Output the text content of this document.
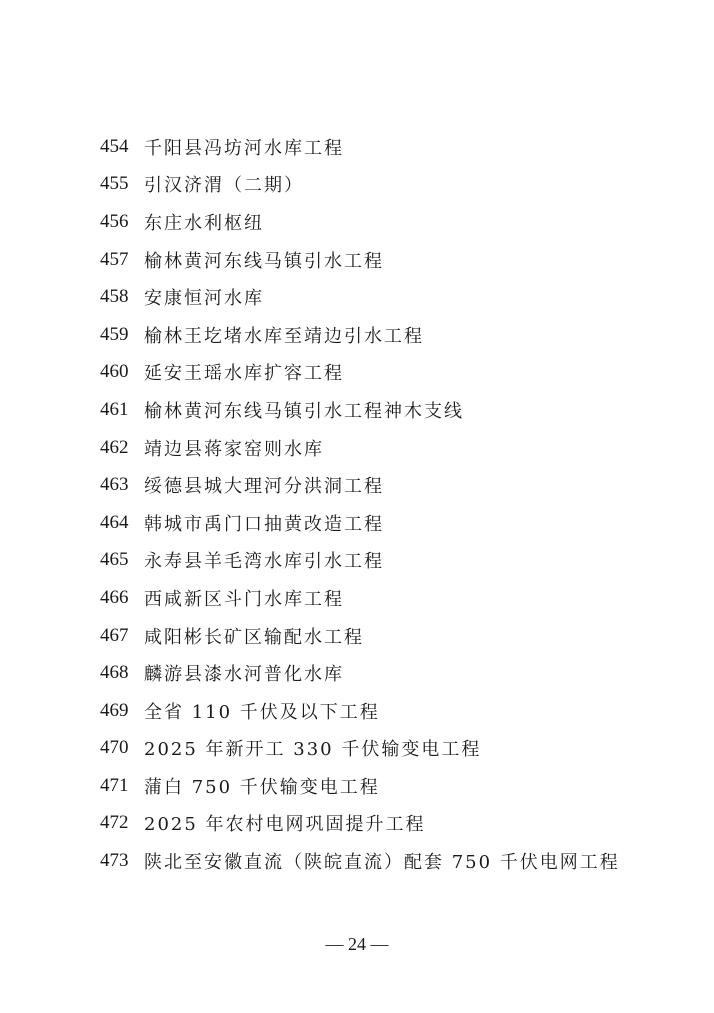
454 千阳县冯坊河水库工程
455 引汉济渭（二期）
456 东庄水利枢纽
457 榆林黄河东线马镇引水工程
458 安康恒河水库
459 榆林王圪堵水库至靖边引水工程
460 延安王瑶水库扩容工程
461 榆林黄河东线马镇引水工程神木支线
462 靖边县蒋家窑则水库
463 绥德县城大理河分洪洞工程
464 韩城市禹门口抽黄改造工程
465 永寿县羊毛湾水库引水工程
466 西咸新区斗门水库工程
467 咸阳彬长矿区输配水工程
468 麟游县漆水河普化水库
469 全省 110 千伏及以下工程
470 2025 年新开工 330 千伏输变电工程
471 蒲白 750 千伏输变电工程
472 2025 年农村电网巩固提升工程
473 陕北至安徽直流（陕皖直流）配套 750 千伏电网工程
— 24 —
